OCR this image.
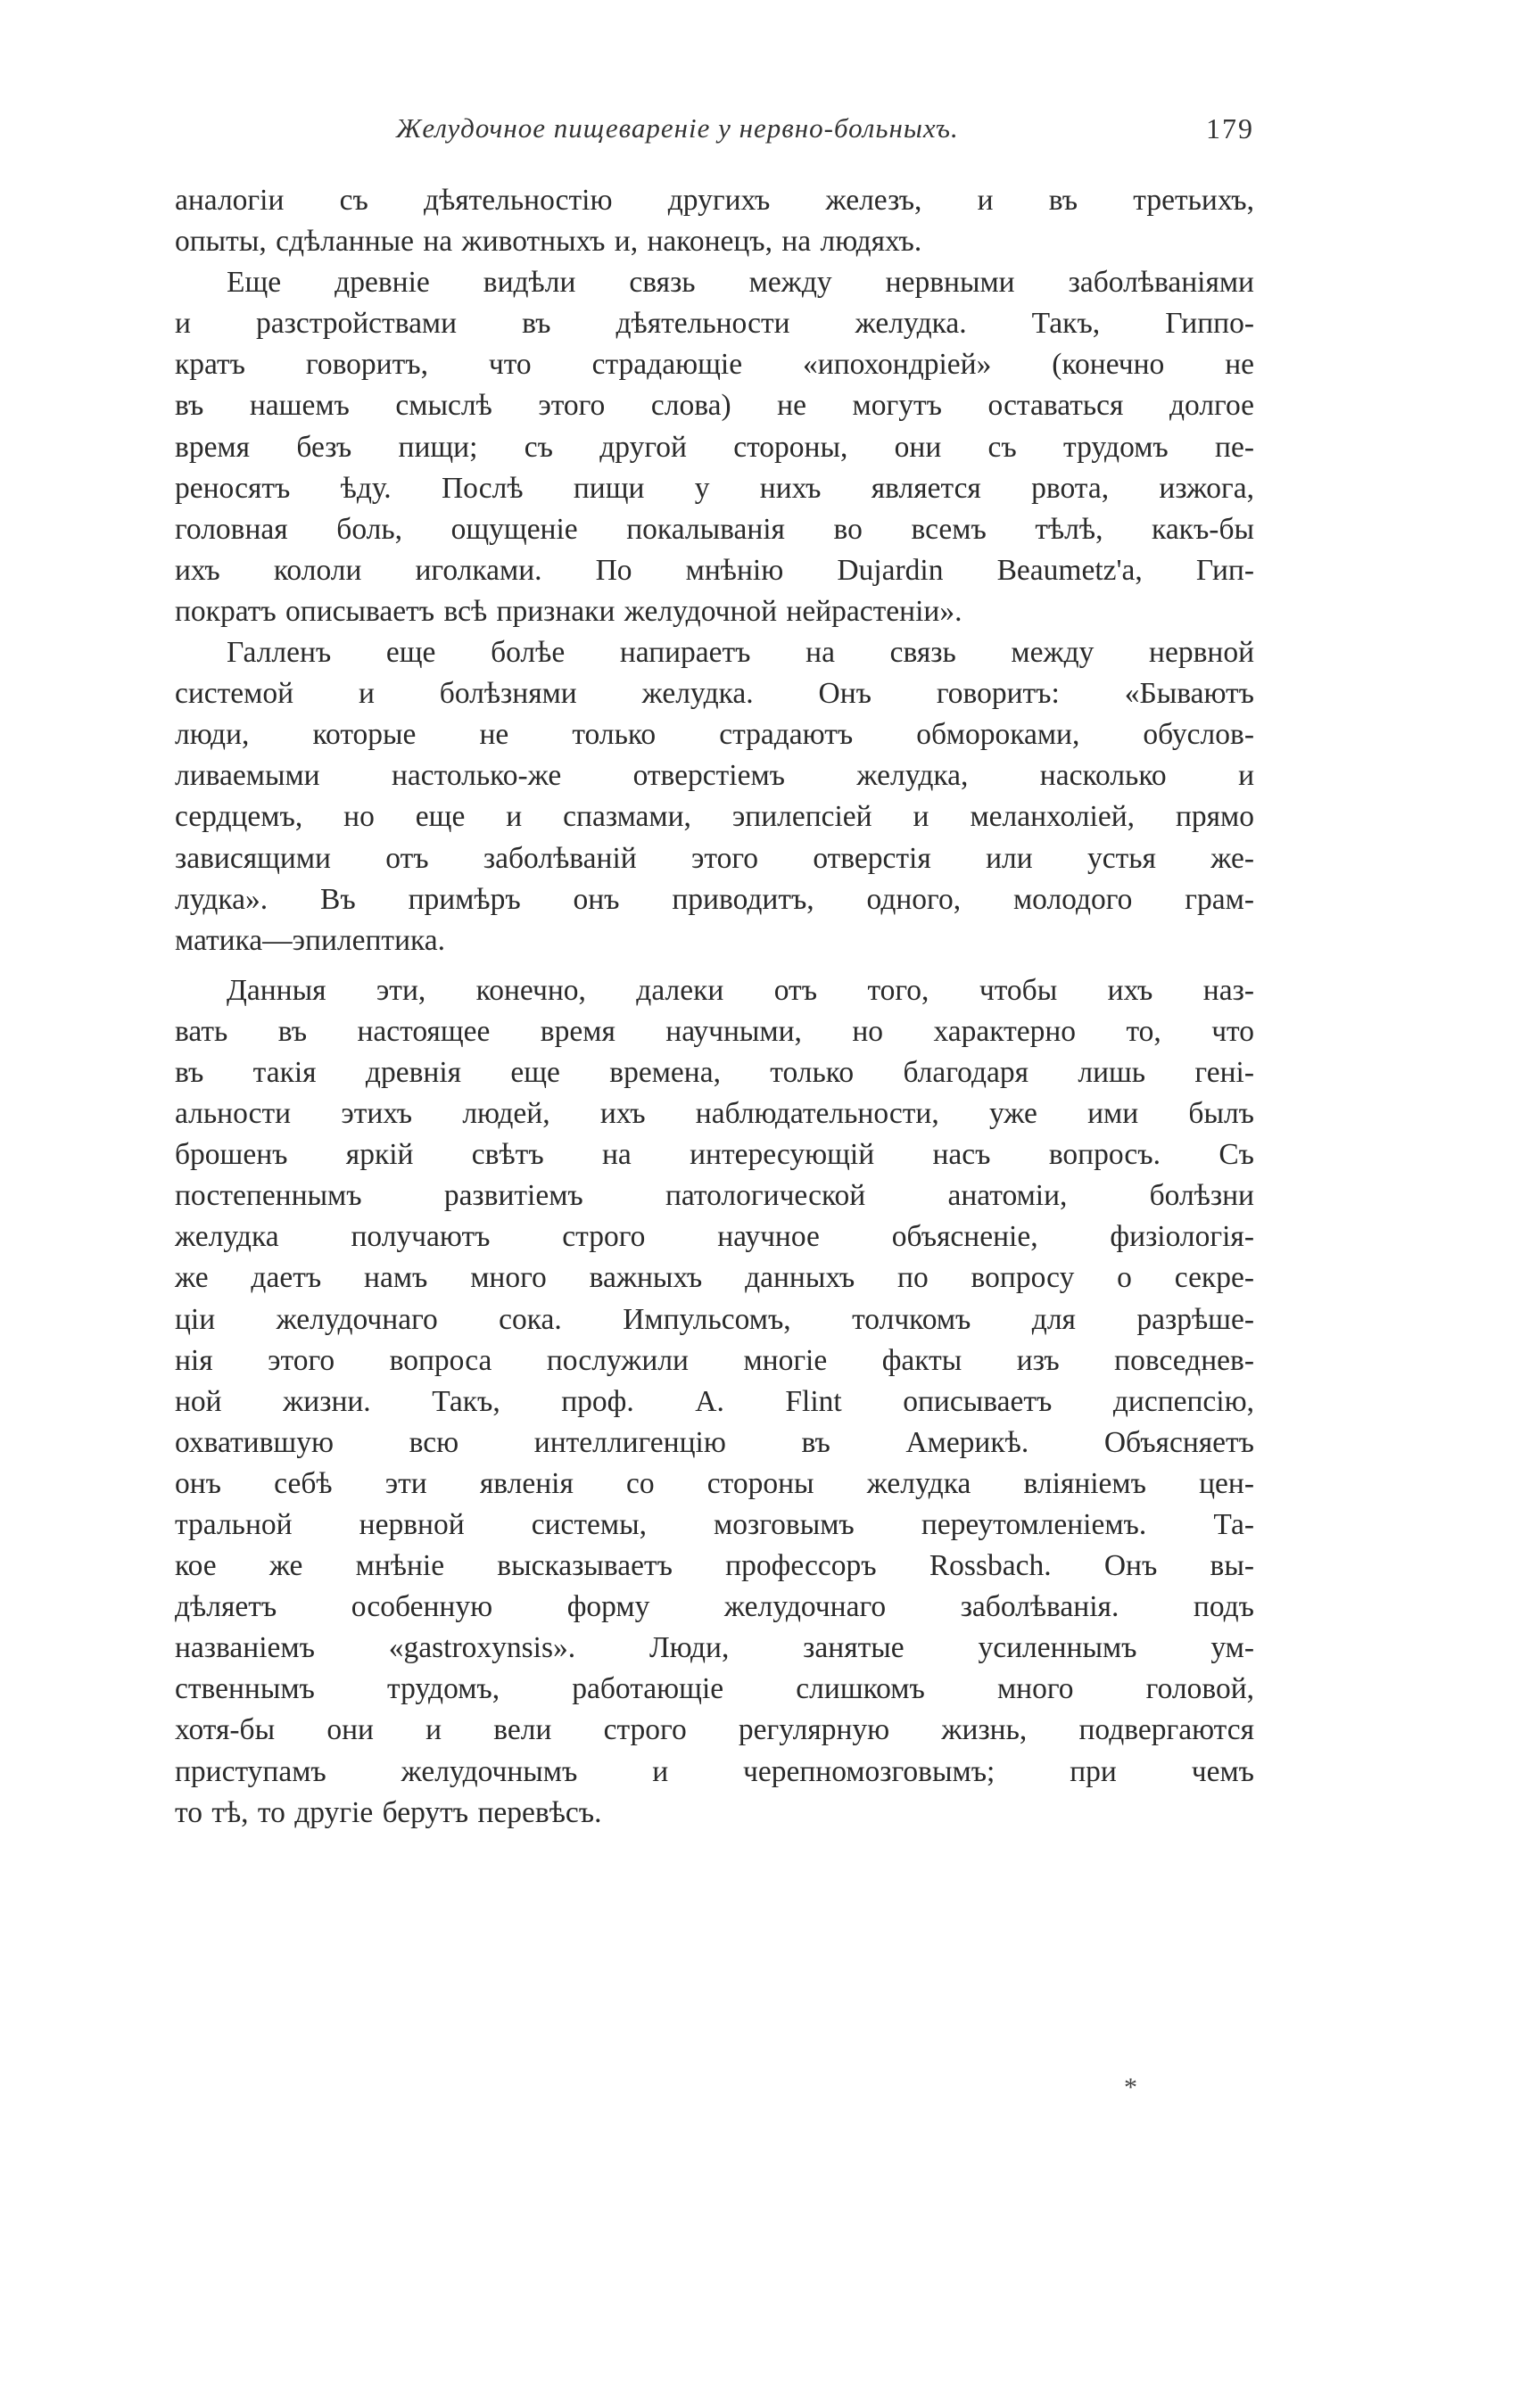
Желудочное пищевареніе у нервно-больныхъ.	179
аналогіи съ дѣятельностію другихъ железъ, и въ третьихъ,
опыты, сдѣланные на животныхъ и, наконецъ, на людяхъ.
Еще древніе видѣли связь между нервными заболѣваніями
и разстройствами въ дѣятельности желудка. Такъ, Гиппо-
кратъ говоритъ, что страдающіе «ипохондріей» (конечно не
въ нашемъ смыслѣ этого слова) не могутъ оставаться долгое
время безъ пищи; съ другой стороны, они съ трудомъ пе-
реносятъ ѣду. Послѣ пищи у нихъ является рвота, изжога,
головная боль, ощущеніе покалыванія во всемъ тѣлѣ, какъ-бы
ихъ кололи иголками. По мнѣнію Dujardin Beaumetz'а, Гип-
пократъ описываетъ всѣ признаки желудочной нейрастеніи».
Галленъ еще болѣе напираетъ на связь между нервной
системой и болѣзнями желудка. Онъ говоритъ: «Бываютъ
люди, которые не только страдаютъ обмороками, обуслов-
ливаемыми настолько-же отверстіемъ желудка, насколько и
сердцемъ, но еще и спазмами, эпилепсіей и меланхоліей, прямо
зависящими отъ заболѣваній этого отверстія или устья же-
лудка». Въ примѣръ онъ приводитъ, одного, молодого грам-
матика—эпилептика.
Данныя эти, конечно, далеки отъ того, чтобы ихъ наз-
вать въ настоящее время научными, но характерно то, что
въ такія древнія еще времена, только благодаря лишь гені-
альности этихъ людей, ихъ наблюдательности, уже ими былъ
брошенъ яркій свѣтъ на интересующій насъ вопросъ. Съ
постепеннымъ развитіемъ патологической анатоміи, болѣзни
желудка получаютъ строго научное объясненіе, физіологія-
же даетъ намъ много важныхъ данныхъ по вопросу о секре-
ціи желудочнаго сока. Импульсомъ, толчкомъ для разрѣше-
нія этого вопроса послужили многіе факты изъ повседнев-
ной жизни. Такъ, проф. A. Flint описываетъ диспепсію,
охватившую всю интеллигенцію въ Америкѣ. Объясняетъ
онъ себѣ эти явленія со стороны желудка вліяніемъ цен-
тральной нервной системы, мозговымъ переутомленіемъ. Та-
кое же мнѣніе высказываетъ профессоръ Rossbach. Онъ вы-
дѣляетъ особенную форму желудочнаго заболѣванія. подъ
названіемъ «gastroxynsis». Люди, занятые усиленнымъ ум-
ственнымъ трудомъ, работающіе слишкомъ много головой,
хотя-бы они и вели строго регулярную жизнь, подвергаются
приступамъ желудочнымъ и черепномозговымъ; при чемъ
то тѣ, то другіе берутъ перевѣсъ.
*
